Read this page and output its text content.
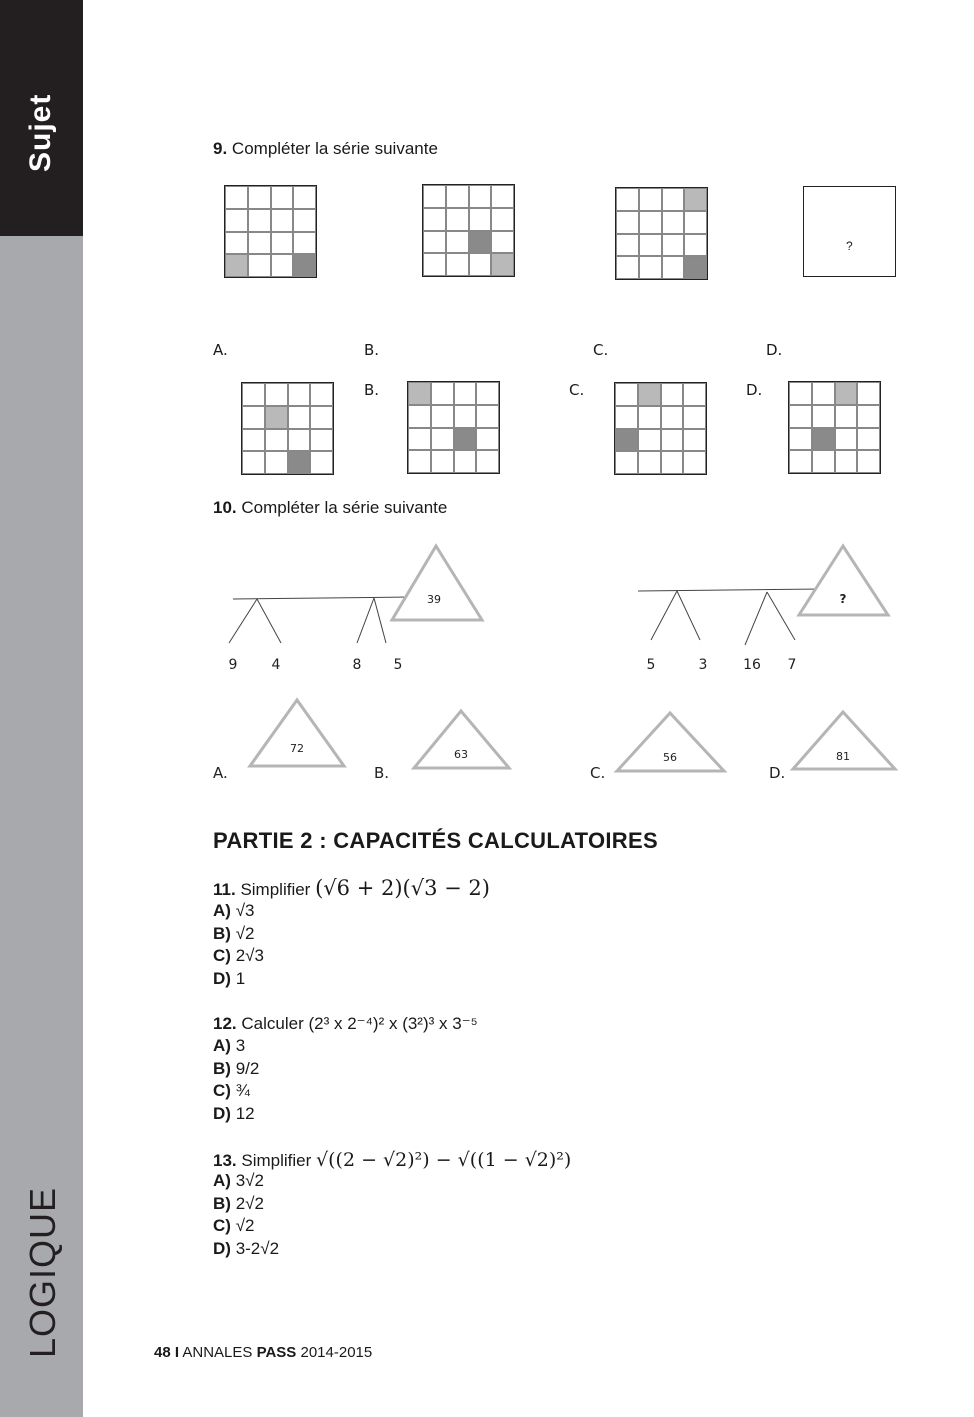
Sujet
LOGIQUE
9. Compléter la série suivante
?
A.	B.	C.	D.
B.	C.	D.
10. Compléter la série suivante
39
9 4	8 5
?
5	3	16 7
72
A.
63
B.
56
C.
81
D.
PARTIE 2 : CAPACITÉS CALCULATOIRES
11. Simplifier (√6 + 2)(√3 − 2)
A) √3
B) √2
C) 2√3
D) 1
12. Calculer (2³ x 2⁻⁴)² x (3²)³ x 3⁻⁵
A) 3
B) 9/2
C) ¾
D) 12
13. Simplifier √((2 − √2)²) − √((1 − √2)²)
A) 3√2
B) 2√2
C) √2
D) 3-2√2
48 I ANNALES PASS 2014-2015
